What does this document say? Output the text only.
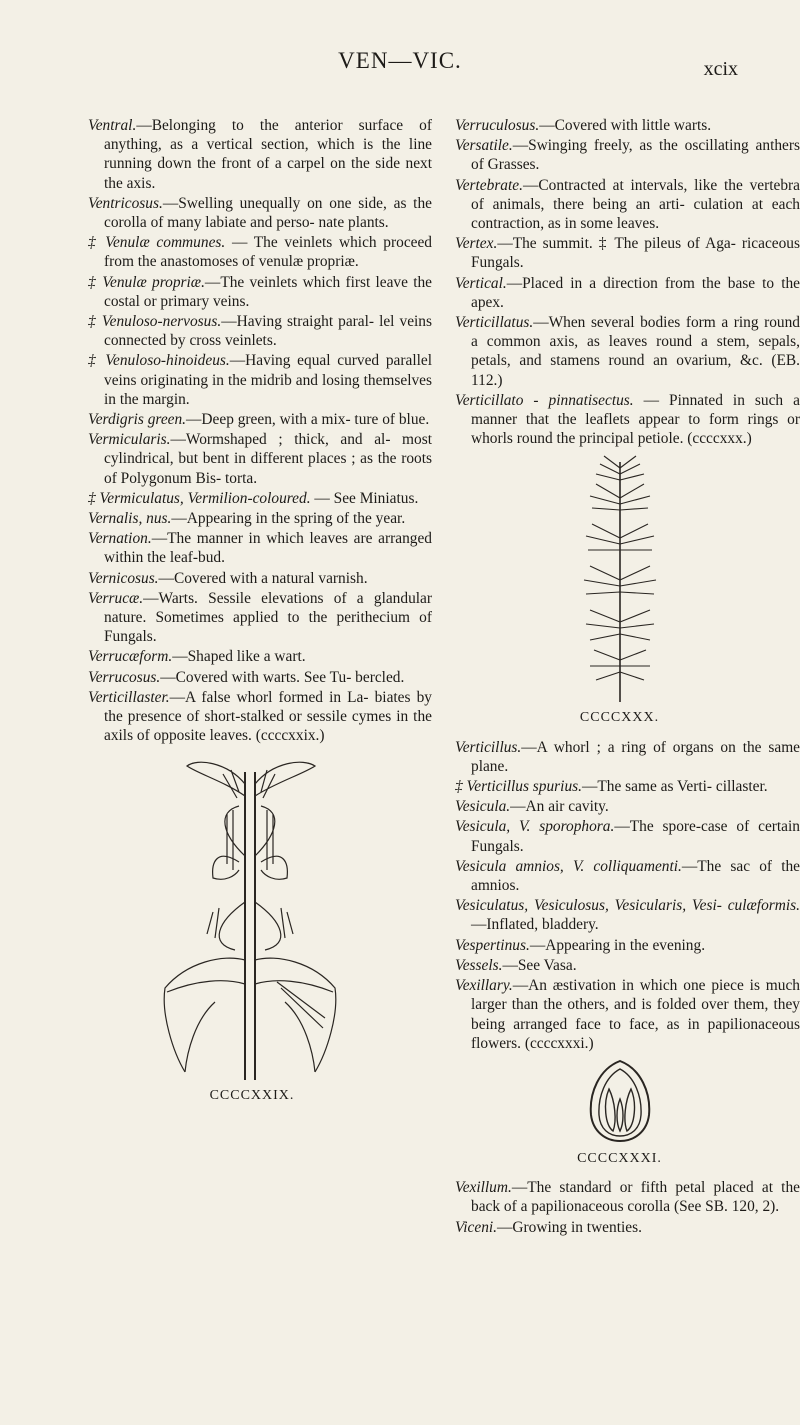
VEN—VIC.	xcix

Ventral.—Belonging to the anterior surface of anything, as a vertical section, which is the line running down the front of a carpel on the side next the axis.

Ventricosus.—Swelling unequally on one side, as the corolla of many labiate and perso- nate plants.

‡ Venulæ communes. — The veinlets which proceed from the anastomoses of venulæ propriæ.

‡ Venulæ propriæ.—The veinlets which first leave the costal or primary veins.

‡ Venuloso-nervosus.—Having straight paral- lel veins connected by cross veinlets.

‡ Venuloso-hinoideus.—Having equal curved parallel veins originating in the midrib and losing themselves in the margin.

Verdigris green.—Deep green, with a mix- ture of blue.

Vermicularis.—Wormshaped ; thick, and al- most cylindrical, but bent in different places ; as the roots of Polygonum Bis- torta.

‡ Vermiculatus, Vermilion-coloured. — See Miniatus.

Vernalis, nus.—Appearing in the spring of the year.

Vernation.—The manner in which leaves are arranged within the leaf-bud.

Vernicosus.—Covered with a natural varnish.

Verrucæ.—Warts. Sessile elevations of a glandular nature. Sometimes applied to the perithecium of Fungals.

Verrucæform.—Shaped like a wart.

Verrucosus.—Covered with warts. See Tu- bercled.

Verticillaster.—A false whorl formed in La- biates by the presence of short-stalked or sessile cymes in the axils of opposite leaves. (ccccxxix.)

CCCCXXIX.

Verruculosus.—Covered with little warts.

Versatile.—Swinging freely, as the oscillating anthers of Grasses.

Vertebrate.—Contracted at intervals, like the vertebra of animals, there being an arti- culation at each contraction, as in some leaves.

Vertex.—The summit. ‡ The pileus of Aga- ricaceous Fungals.

Vertical.—Placed in a direction from the base to the apex.

Verticillatus.—When several bodies form a ring round a common axis, as leaves round a stem, sepals, petals, and stamens round an ovarium, &c. (EB. 112.)

Verticillato - pinnatisectus. — Pinnated in such a manner that the leaflets appear to form rings or whorls round the principal petiole. (ccccxxx.)

CCCCXXX.

Verticillus.—A whorl ; a ring of organs on the same plane.

‡ Verticillus spurius.—The same as Verti- cillaster.

Vesicula.—An air cavity.

Vesicula, V. sporophora.—The spore-case of certain Fungals.

Vesicula amnios, V. colliquamenti.—The sac of the amnios.

Vesiculatus, Vesiculosus, Vesicularis, Vesi- culæformis.—Inflated, bladdery.

Vespertinus.—Appearing in the evening.

Vessels.—See Vasa.

Vexillary.—An æstivation in which one piece is much larger than the others, and is folded over them, they being arranged face to face, as in papilionaceous flowers. (ccccxxxi.)

CCCCXXXI.

Vexillum.—The standard or fifth petal placed at the back of a papilionaceous corolla (See SB. 120, 2).

Viceni.—Growing in twenties.
